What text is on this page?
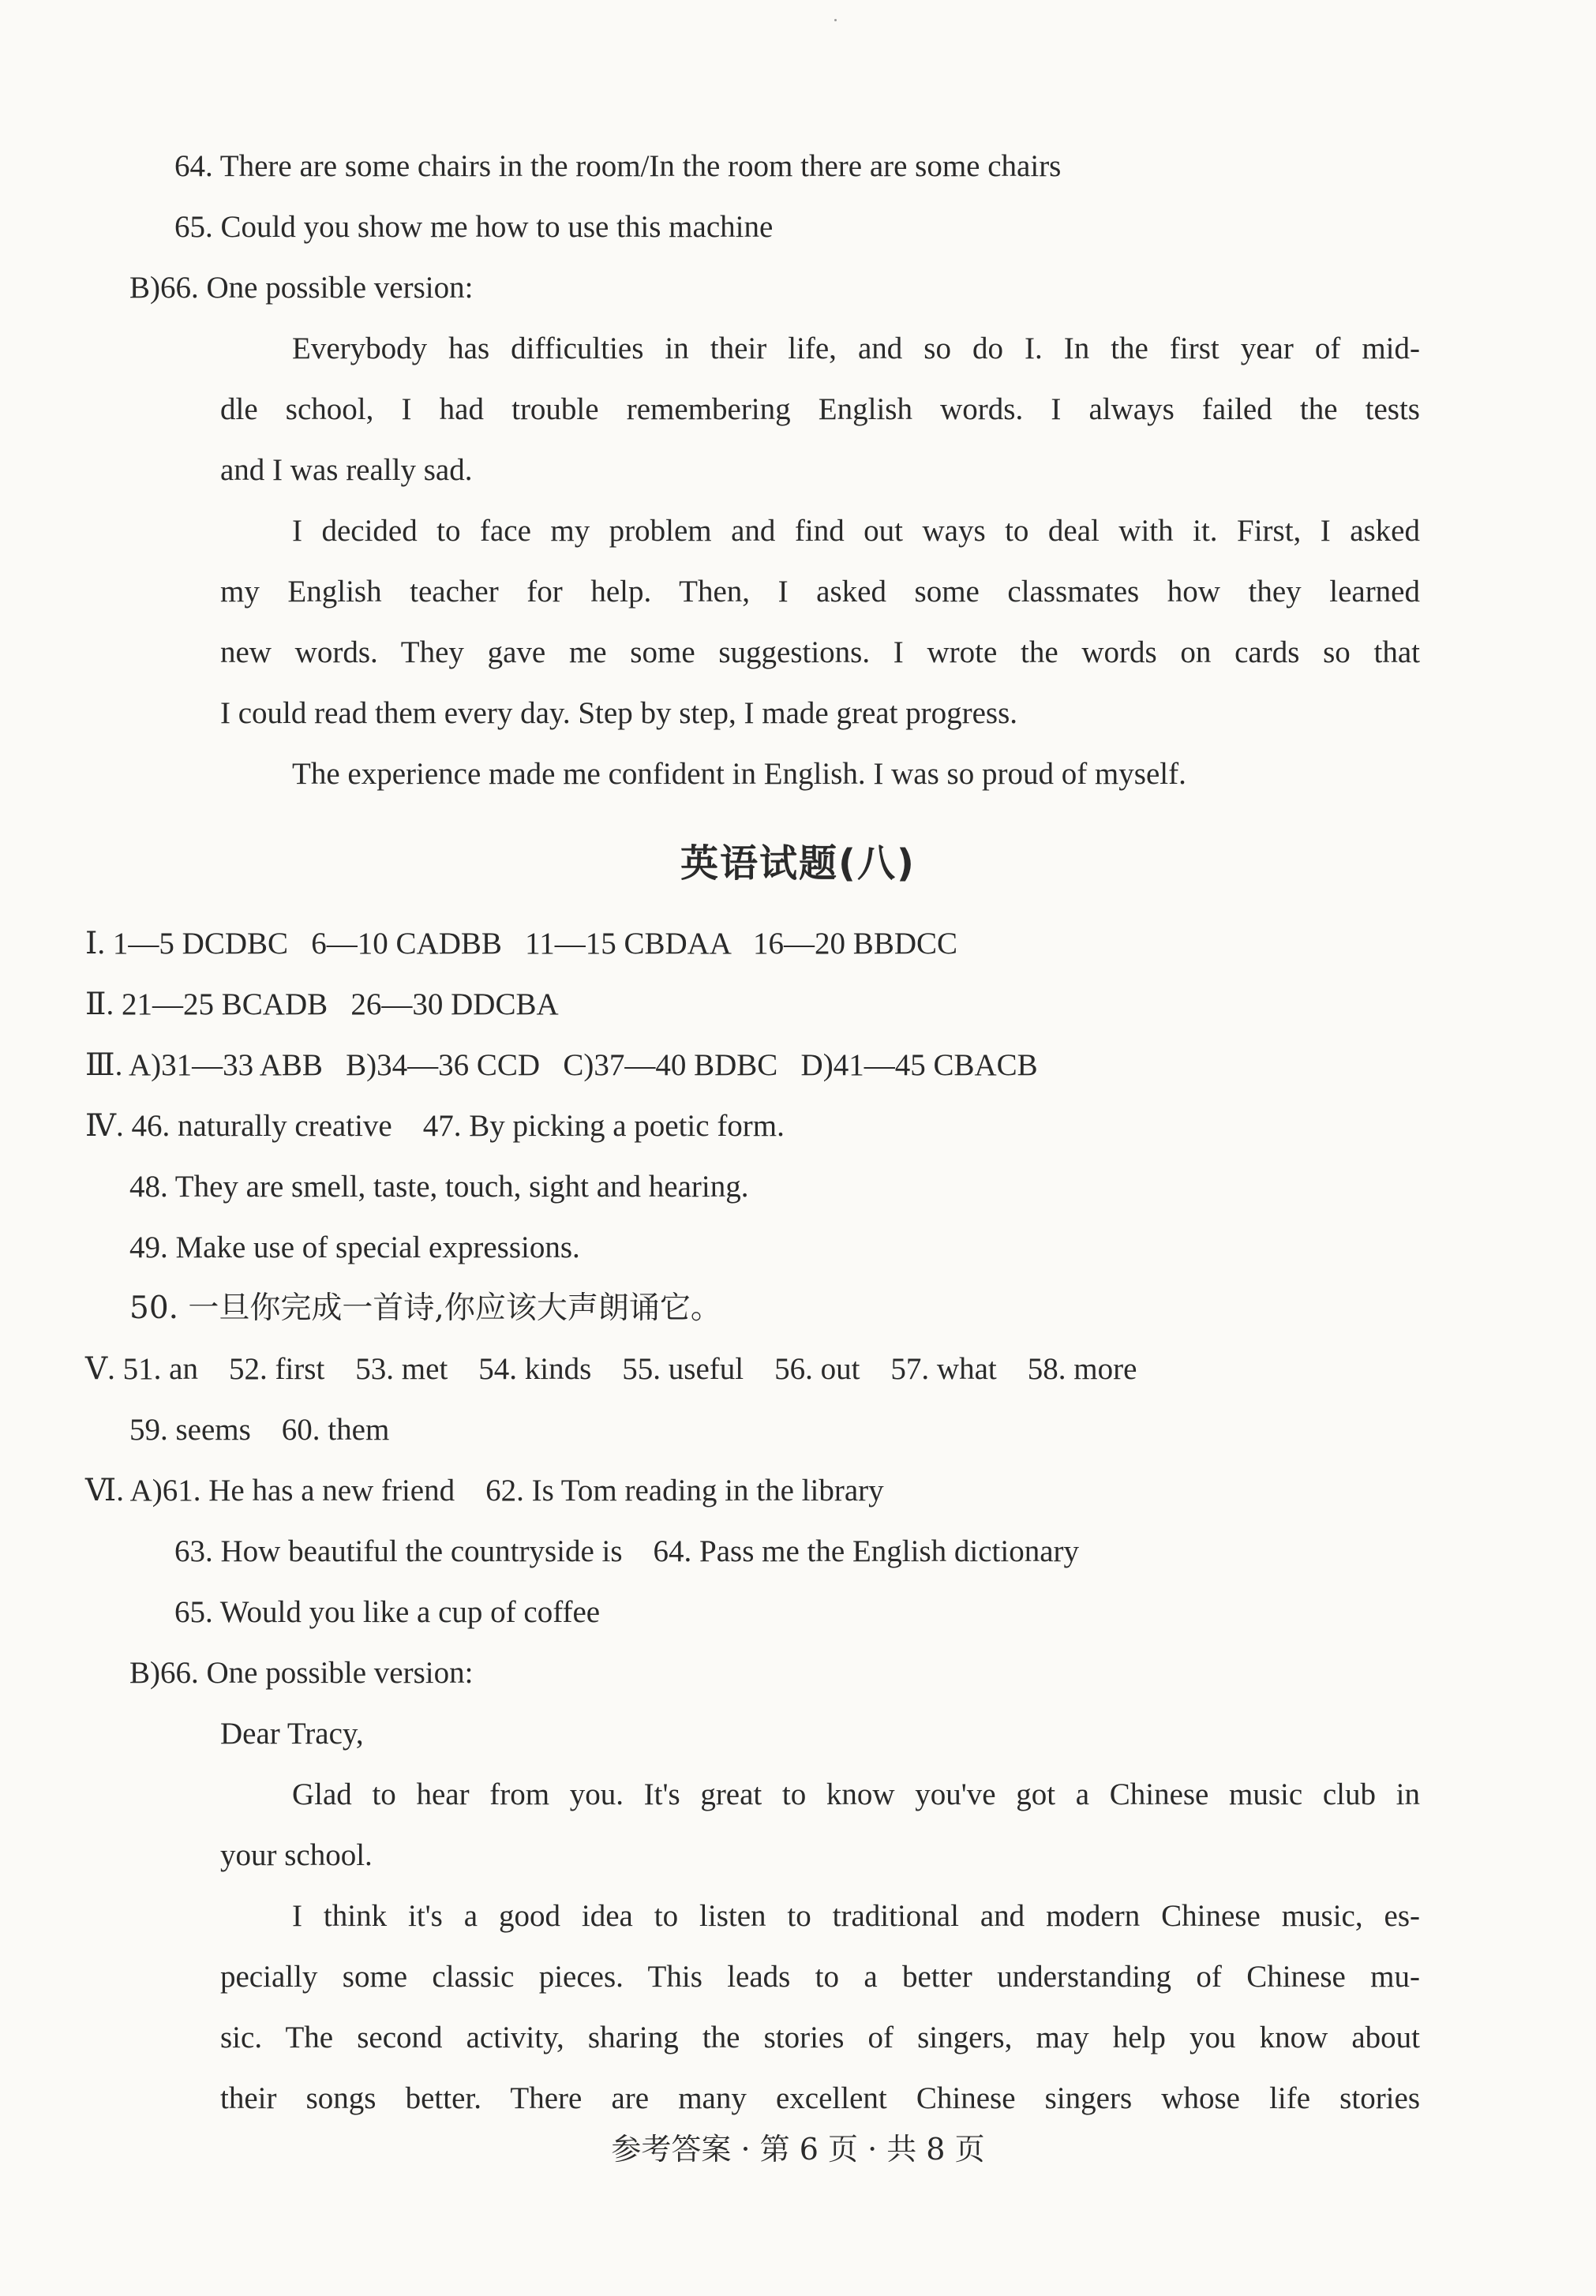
64. There are some chairs in the room/In the room there are some chairs
65. Could you show me how to use this machine
B)66. One possible version:
Everybody has difficulties in their life, and so do I. In the first year of mid-
dle school, I had trouble remembering English words. I always failed the tests
and I was really sad.
I decided to face my problem and find out ways to deal with it. First, I asked
my English teacher for help. Then, I asked some classmates how they learned
new words. They gave me some suggestions. I wrote the words on cards so that
I could read them every day. Step by step, I made great progress.
The experience made me confident in English. I was so proud of myself.
英语试题(八)
Ⅰ. 1—5 DCDBC   6—10 CADBB   11—15 CBDAA   16—20 BBDCC
Ⅱ. 21—25 BCADB   26—30 DDCBA
Ⅲ. A)31—33 ABB   B)34—36 CCD   C)37—40 BDBC   D)41—45 CBACB
Ⅳ. 46. naturally creative    47. By picking a poetic form.
48. They are smell, taste, touch, sight and hearing.
49. Make use of special expressions.
50. 一旦你完成一首诗,你应该大声朗诵它。
Ⅴ. 51. an    52. first    53. met    54. kinds    55. useful    56. out    57. what    58. more
59. seems    60. them
Ⅵ. A)61. He has a new friend    62. Is Tom reading in the library
63. How beautiful the countryside is    64. Pass me the English dictionary
65. Would you like a cup of coffee
B)66. One possible version:
Dear Tracy,
Glad to hear from you. It's great to know you've got a Chinese music club in
your school.
I think it's a good idea to listen to traditional and modern Chinese music, es-
pecially some classic pieces. This leads to a better understanding of Chinese mu-
sic. The second activity, sharing the stories of singers, may help you know about
their songs better. There are many excellent Chinese singers whose life stories
参考答案 · 第 6 页 · 共 8 页
